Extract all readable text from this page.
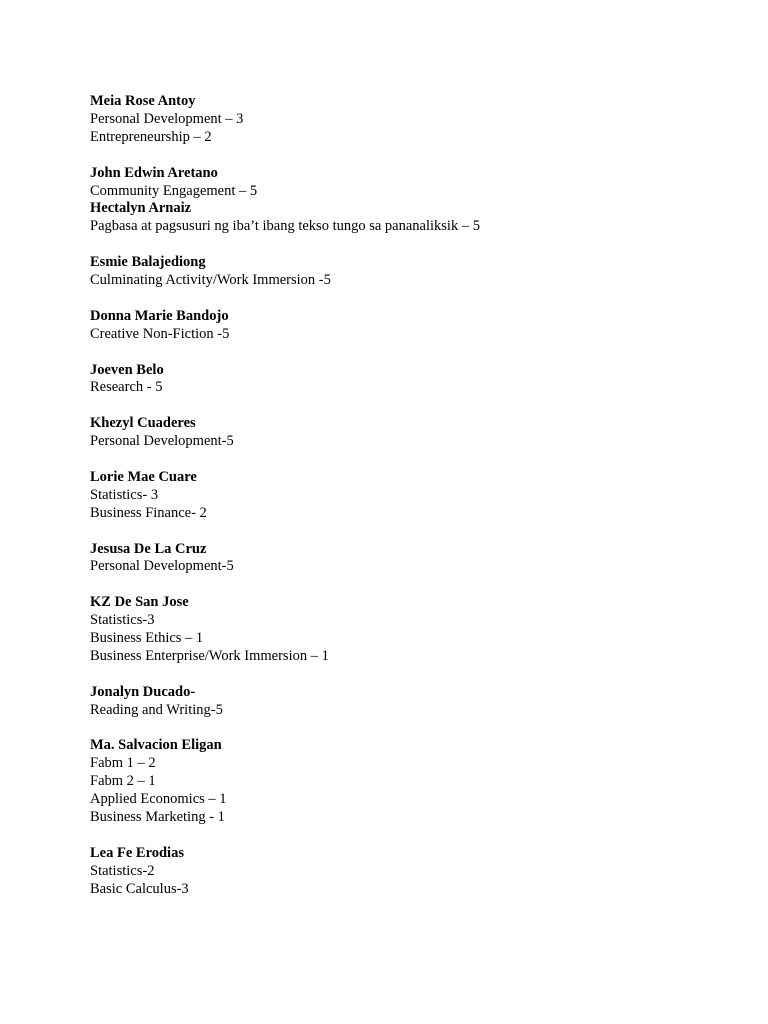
Meia Rose Antoy
Personal Development – 3
Entrepreneurship – 2
John Edwin Aretano
Community Engagement – 5
Hectalyn Arnaiz
Pagbasa at pagsusuri ng iba’t ibang tekso tungo sa pananaliksik – 5
Esmie Balajediong
Culminating Activity/Work Immersion -5
Donna Marie Bandojo
Creative Non-Fiction -5
Joeven Belo
Research - 5
Khezyl Cuaderes
Personal Development-5
Lorie Mae Cuare
Statistics- 3
Business Finance- 2
Jesusa De La Cruz
Personal Development-5
KZ De San Jose
Statistics-3
Business Ethics – 1
Business Enterprise/Work Immersion – 1
Jonalyn Ducado-
Reading and Writing-5
Ma. Salvacion Eligan
Fabm 1 – 2
Fabm 2 – 1
Applied Economics – 1
Business Marketing - 1
Lea Fe Erodias
Statistics-2
Basic Calculus-3
